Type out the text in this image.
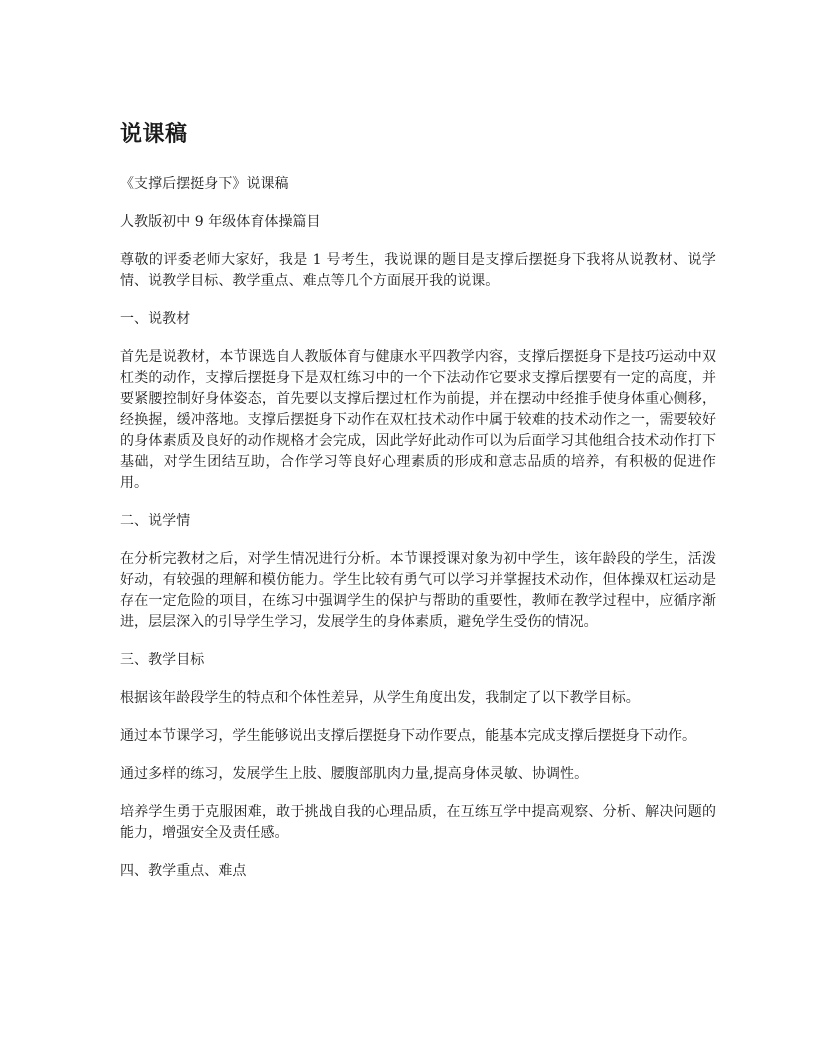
说课稿

《支撑后摆挺身下》说课稿

人教版初中 9 年级体育体操篇目

尊敬的评委老师大家好，我是 1 号考生，我说课的题目是支撑后摆挺身下我将从说教材、说学情、说教学目标、教学重点、难点等几个方面展开我的说课。

一、说教材

首先是说教材，本节课选自人教版体育与健康水平四教学内容，支撑后摆挺身下是技巧运动中双杠类的动作，支撑后摆挺身下是双杠练习中的一个下法动作它要求支撑后摆要有一定的高度，并要紧腰控制好身体姿态，首先要以支撑后摆过杠作为前提，并在摆动中经推手使身体重心侧移，经换握，缓冲落地。支撑后摆挺身下动作在双杠技术动作中属于较难的技术动作之一，需要较好的身体素质及良好的动作规格才会完成，因此学好此动作可以为后面学习其他组合技术动作打下基础，对学生团结互助，合作学习等良好心理素质的形成和意志品质的培养，有积极的促进作用。

二、说学情

在分析完教材之后，对学生情况进行分析。本节课授课对象为初中学生，该年龄段的学生，活泼好动，有较强的理解和模仿能力。学生比较有勇气可以学习并掌握技术动作，但体操双杠运动是存在一定危险的项目，在练习中强调学生的保护与帮助的重要性，教师在教学过程中，应循序渐进，层层深入的引导学生学习，发展学生的身体素质，避免学生受伤的情况。

三、教学目标

根据该年龄段学生的特点和个体性差异，从学生角度出发，我制定了以下教学目标。

通过本节课学习，学生能够说出支撑后摆挺身下动作要点，能基本完成支撑后摆挺身下动作。

通过多样的练习，发展学生上肢、腰腹部肌肉力量,提高身体灵敏、协调性。

培养学生勇于克服困难，敢于挑战自我的心理品质，在互练互学中提高观察、分析、解决问题的能力，增强安全及责任感。

四、教学重点、难点
